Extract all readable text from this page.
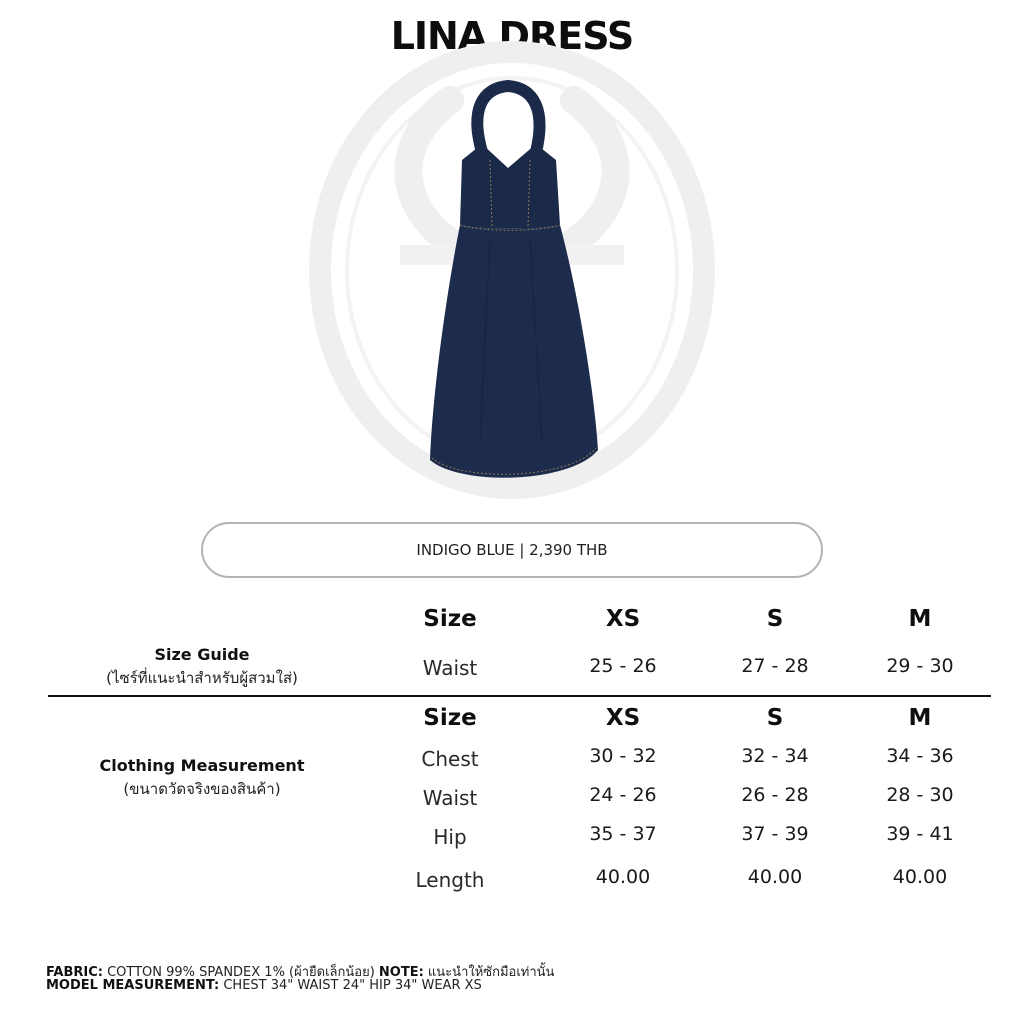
LINA DRESS
INDIGO BLUE | 2,390 THB
Size Guide
(ไซร์ที่แนะนำสำหรับผู้สวมใส่)
Size	XS	S	M
Waist	25 - 26	27 - 28	29 - 30
Clothing Measurement
(ขนาดวัดจริงของสินค้า)
Size	XS	S	M
Chest	30 - 32	32 - 34	34 - 36
Waist	24 - 26	26 - 28	28 - 30
Hip	35 - 37	37 - 39	39 - 41
Length	40.00	40.00	40.00
FABRIC: COTTON 99% SPANDEX 1% (ผ้ายืดเล็กน้อย) NOTE: แนะนำให้ซักมือเท่านั้น
MODEL MEASUREMENT: CHEST 34" WAIST 24" HIP 34" WEAR XS
